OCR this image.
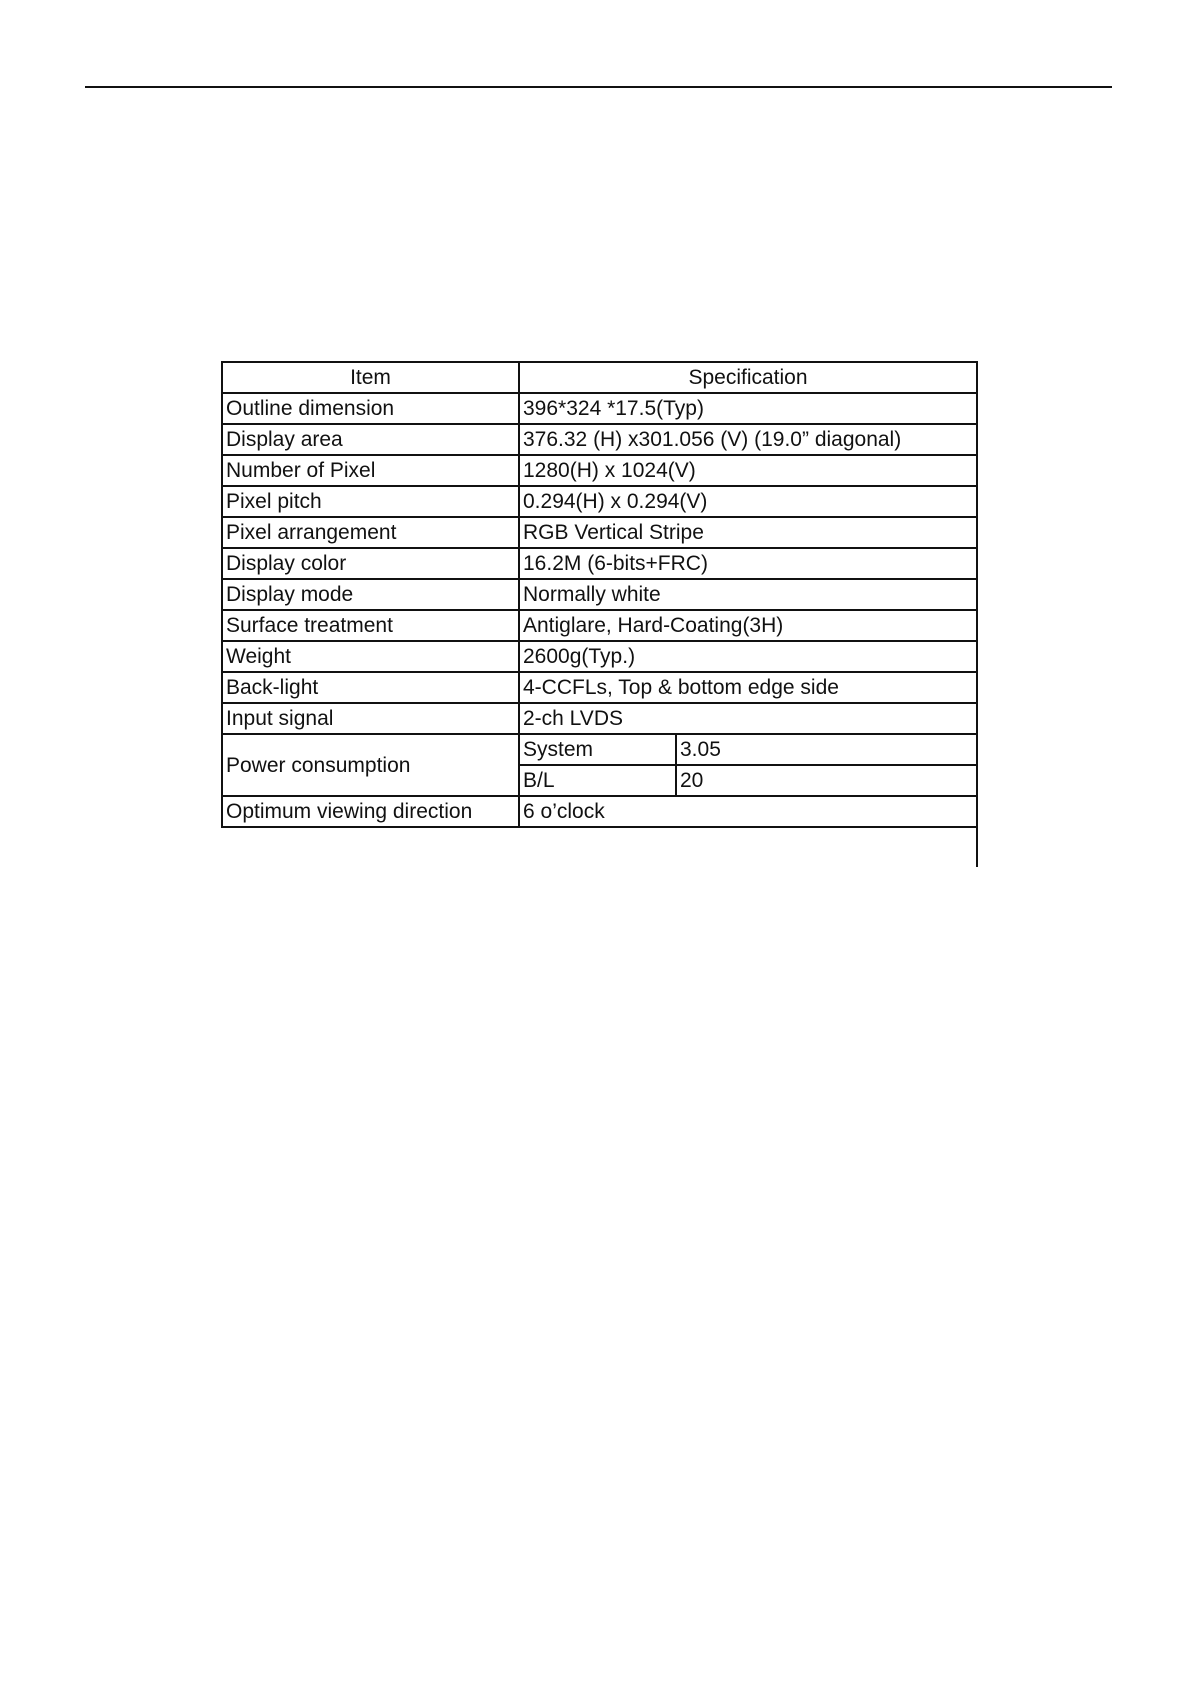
Item	Specification	
Outline dimension	396*324 *17.5(Typ)	
Display area	376.32 (H) x301.056 (V) (19.0” diagonal)	
Number of Pixel	1280(H) x 1024(V)	
Pixel pitch	0.294(H) x 0.294(V)	
Pixel arrangement	RGB Vertical Stripe	
Display color	16.2M (6-bits+FRC)	
Display mode	Normally white	
Surface treatment	Antiglare, Hard-Coating(3H)	
Weight	2600g(Typ.)	
Back-light	4-CCFLs, Top & bottom edge side	
Input signal	2-ch LVDS	
Power consumption	System	3.05
	B/L	20
Optimum viewing direction	6 o’clock	
